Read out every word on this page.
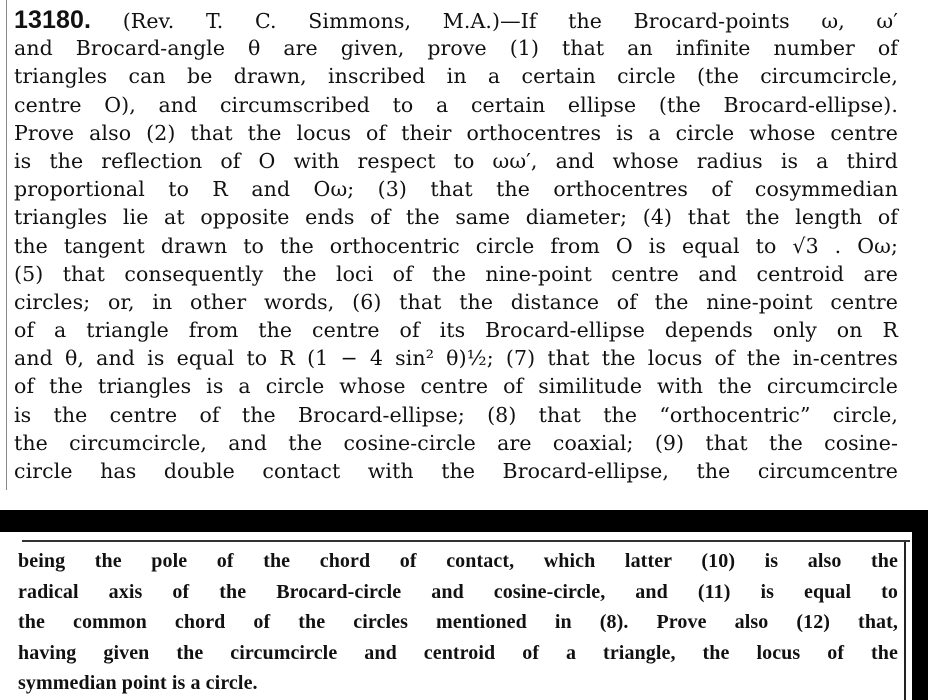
13180. (Rev. T. C. Simmons, M.A.)—If the Brocard-points ω, ω′
and Brocard-angle θ are given, prove (1) that an infinite number of
triangles can be drawn, inscribed in a certain circle (the circumcircle,
centre O), and circumscribed to a certain ellipse (the Brocard-ellipse).
Prove also (2) that the locus of their orthocentres is a circle whose centre
is the reflection of O with respect to ωω′, and whose radius is a third
proportional to R and Oω; (3) that the orthocentres of cosymmedian
triangles lie at opposite ends of the same diameter; (4) that the length of
the tangent drawn to the orthocentric circle from O is equal to √3 . Oω;
(5) that consequently the loci of the nine-point centre and centroid are
circles; or, in other words, (6) that the distance of the nine-point centre
of a triangle from the centre of its Brocard-ellipse depends only on R
and θ, and is equal to R (1 − 4 sin² θ)½; (7) that the locus of the in-centres
of the triangles is a circle whose centre of similitude with the circumcircle
is the centre of the Brocard-ellipse; (8) that the “orthocentric” circle,
the circumcircle, and the cosine-circle are coaxial; (9) that the cosine-
circle has double contact with the Brocard-ellipse, the circumcentre
being the pole of the chord of contact, which latter (10) is also the
radical axis of the Brocard-circle and cosine-circle, and (11) is equal to
the common chord of the circles mentioned in (8). Prove also (12) that,
having given the circumcircle and centroid of a triangle, the locus of the
symmedian point is a circle.
